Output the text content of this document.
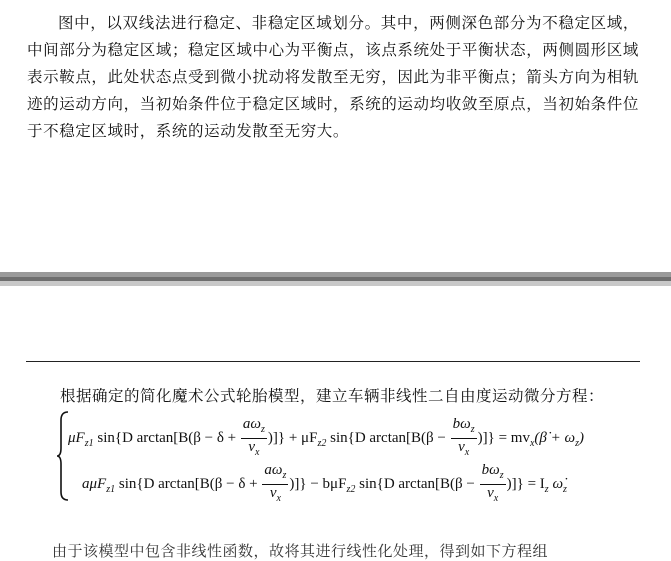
图中，以双线法进行稳定、非稳定区域划分。其中，两侧深色部分为不稳定区域，中间部分为稳定区域；稳定区域中心为平衡点，该点系统处于平衡状态，两侧圆形区域表示鞍点，此处状态点受到微小扰动将发散至无穷，因此为非平衡点；箭头方向为相轨迹的运动方向，当初始条件位于稳定区域时，系统的运动均收敛至原点，当初始条件位于不稳定区域时，系统的运动发散至无穷大。

根据确定的简化魔术公式轮胎模型，建立车辆非线性二自由度运动微分方程：

$\mu F_{z1}$ sin{D $\arctan[B(\beta - \delta + \frac{a\omega_z}{v_x}$ )]} + $\mu F_{z2}$ sin{D $\arctan[B(\beta - \frac{b\omega_z}{v_x}$ )]} = $mv_x(\betȧ + \omega_z)$
aμF$_{z1}$ sin{D $\arctan[B(\beta - \delta + \frac{a\omega_z}{v_x}$ )]} − bμF$_{z2}$ sin{D $\arctan[B(\beta - \frac{b\omega_z}{v_x}$ )]} = $I_z$ $\omegȧ_z$
由于该模型中包含非线性函数，故将其进行线性化处理，得到如下方程组
